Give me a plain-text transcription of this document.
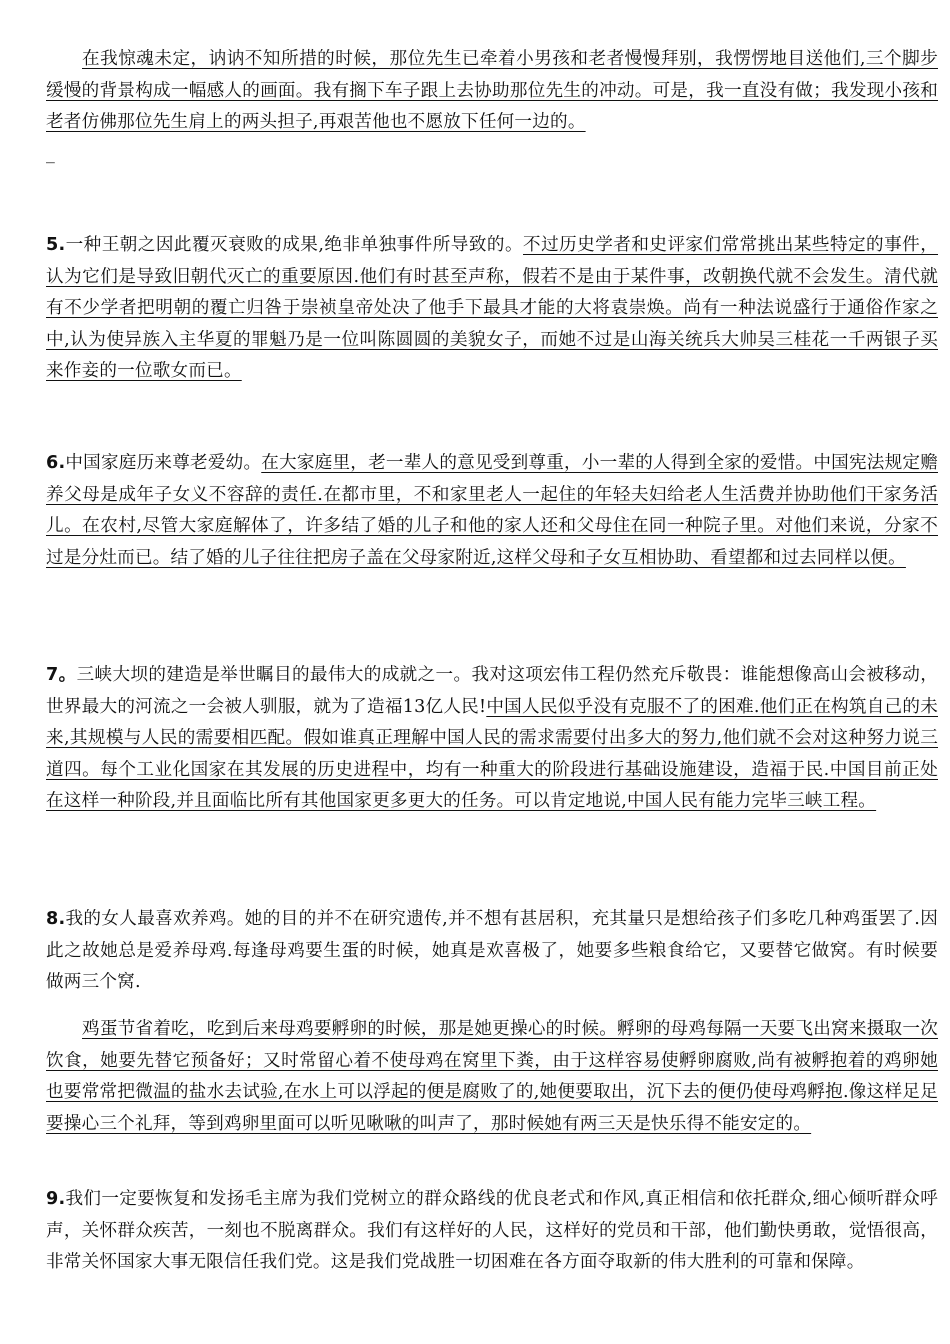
在我惊魂未定，讷讷不知所措的时候，那位先生已牵着小男孩和老者慢慢拜别，我愣愣地目送他们,三个脚步缓慢的背景构成一幅感人的画面。我有搁下车子跟上去协助那位先生的冲动。可是，我一直没有做；我发现小孩和老者仿佛那位先生肩上的两头担子,再艰苦他也不愿放下任何一边的。
_

5.一种王朝之因此覆灭衰败的成果,绝非单独事件所导致的。不过历史学者和史评家们常常挑出某些特定的事件，认为它们是导致旧朝代灭亡的重要原因.他们有时甚至声称，假若不是由于某件事，改朝换代就不会发生。清代就有不少学者把明朝的覆亡归咎于崇祯皇帝处决了他手下最具才能的大将袁崇焕。尚有一种法说盛行于通俗作家之中,认为使异族入主华夏的罪魁乃是一位叫陈圆圆的美貌女子，而她不过是山海关统兵大帅吴三桂花一千两银子买来作妾的一位歌女而已。

6.中国家庭历来尊老爱幼。在大家庭里，老一辈人的意见受到尊重，小一辈的人得到全家的爱惜。中国宪法规定赡养父母是成年子女义不容辞的责任.在都市里，不和家里老人一起住的年轻夫妇给老人生活费并协助他们干家务活儿。在农村,尽管大家庭解体了，许多结了婚的儿子和他的家人还和父母住在同一种院子里。对他们来说，分家不过是分灶而已。结了婚的儿子往往把房子盖在父母家附近,这样父母和子女互相协助、看望都和过去同样以便。

7。三峡大坝的建造是举世瞩目的最伟大的成就之一。我对这项宏伟工程仍然充斥敬畏：谁能想像高山会被移动，世界最大的河流之一会被人驯服，就为了造福13亿人民!中国人民似乎没有克服不了的困难.他们正在构筑自己的未来,其规模与人民的需要相匹配。假如谁真正理解中国人民的需求需要付出多大的努力,他们就不会对这种努力说三道四。每个工业化国家在其发展的历史进程中，均有一种重大的阶段进行基础设施建设，造福于民.中国目前正处在这样一种阶段,并且面临比所有其他国家更多更大的任务。可以肯定地说,中国人民有能力完毕三峡工程。

8.我的女人最喜欢养鸡。她的目的并不在研究遗传,并不想有甚居积，充其量只是想给孩子们多吃几种鸡蛋罢了.因此之故她总是爱养母鸡.每逢母鸡要生蛋的时候，她真是欢喜极了，她要多些粮食给它，又要替它做窝。有时候要做两三个窝.

鸡蛋节省着吃，吃到后来母鸡要孵卵的时候，那是她更操心的时候。孵卵的母鸡每隔一天要飞出窝来摄取一次饮食，她要先替它预备好；又时常留心着不使母鸡在窝里下粪，由于这样容易使孵卵腐败,尚有被孵抱着的鸡卵她也要常常把微温的盐水去试验,在水上可以浮起的便是腐败了的,她便要取出，沉下去的便仍使母鸡孵抱.像这样足足要操心三个礼拜，等到鸡卵里面可以听见啾啾的叫声了，那时候她有两三天是快乐得不能安定的。

9.我们一定要恢复和发扬毛主席为我们党树立的群众路线的优良老式和作风,真正相信和依托群众,细心倾听群众呼声，关怀群众疾苦，一刻也不脱离群众。我们有这样好的人民，这样好的党员和干部，他们勤快勇敢，觉悟很高，非常关怀国家大事无限信任我们党。这是我们党战胜一切困难在各方面夺取新的伟大胜利的可靠和保障。
